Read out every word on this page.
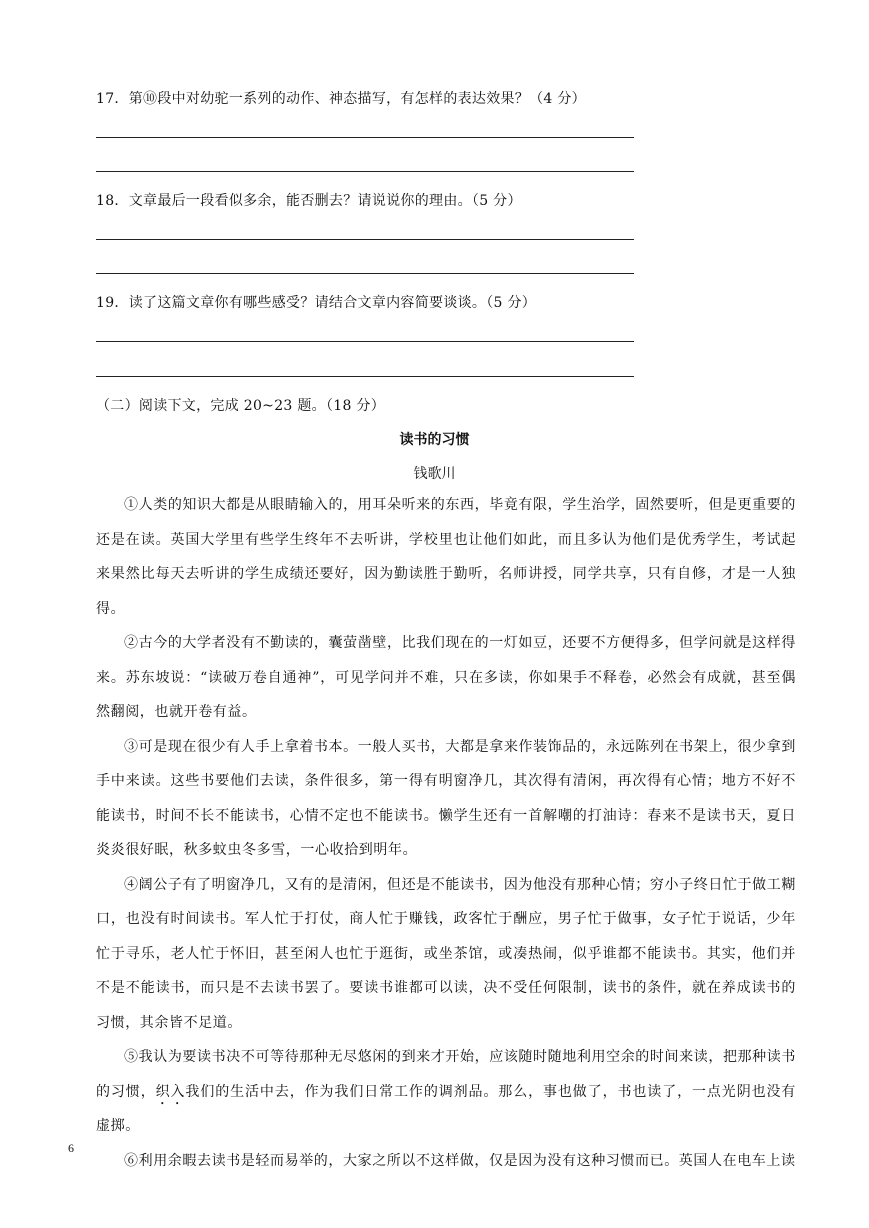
17．第⑩段中对幼驼一系列的动作、神态描写，有怎样的表达效果？（4 分）
18．文章最后一段看似多余，能否删去？请说说你的理由。（5 分）
19．读了这篇文章你有哪些感受？请结合文章内容简要谈谈。（5 分）
（二）阅读下文，完成 20~23 题。（18 分）
读书的习惯
钱歌川

①人类的知识大都是从眼睛输入的，用耳朵听来的东西，毕竟有限，学生治学，固然要听，但是更重要的还是在读。英国大学里有些学生终年不去听讲，学校里也让他们如此，而且多认为他们是优秀学生，考试起来果然比每天去听讲的学生成绩还要好，因为勤读胜于勤听，名师讲授，同学共享，只有自修，才是一人独得。

②古今的大学者没有不勤读的，囊萤凿壁，比我们现在的一灯如豆，还要不方便得多，但学问就是这样得来。苏东坡说：“读破万卷自通神”，可见学问并不难，只在多读，你如果手不释卷，必然会有成就，甚至偶然翻阅，也就开卷有益。

③可是现在很少有人手上拿着书本。一般人买书，大都是拿来作装饰品的，永远陈列在书架上，很少拿到手中来读。这些书要他们去读，条件很多，第一得有明窗净几，其次得有清闲，再次得有心情；地方不好不能读书，时间不长不能读书，心情不定也不能读书。懒学生还有一首解嘲的打油诗：春来不是读书天，夏日炎炎很好眠，秋多蚊虫冬多雪，一心收拾到明年。

④阔公子有了明窗净几，又有的是清闲，但还是不能读书，因为他没有那种心情；穷小子终日忙于做工糊口，也没有时间读书。军人忙于打仗，商人忙于赚钱，政客忙于酬应，男子忙于做事，女子忙于说话，少年忙于寻乐，老人忙于怀旧，甚至闲人也忙于逛街，或坐茶馆，或凑热闹，似乎谁都不能读书。其实，他们并不是不能读书，而只是不去读书罢了。要读书谁都可以读，决不受任何限制，读书的条件，就在养成读书的习惯，其余皆不足道。

⑤我认为要读书决不可等待那种无尽悠闲的到来才开始，应该随时随地利用空余的时间来读，把那种读书的习惯，织入我们的生活中去，作为我们日常工作的调剂品。那么，事也做了，书也读了，一点光阴也没有虚掷。

⑥利用余暇去读书是轻而易举的，大家之所以不这样做，仅是因为没有这种习惯而已。英国人在电车上读

6
